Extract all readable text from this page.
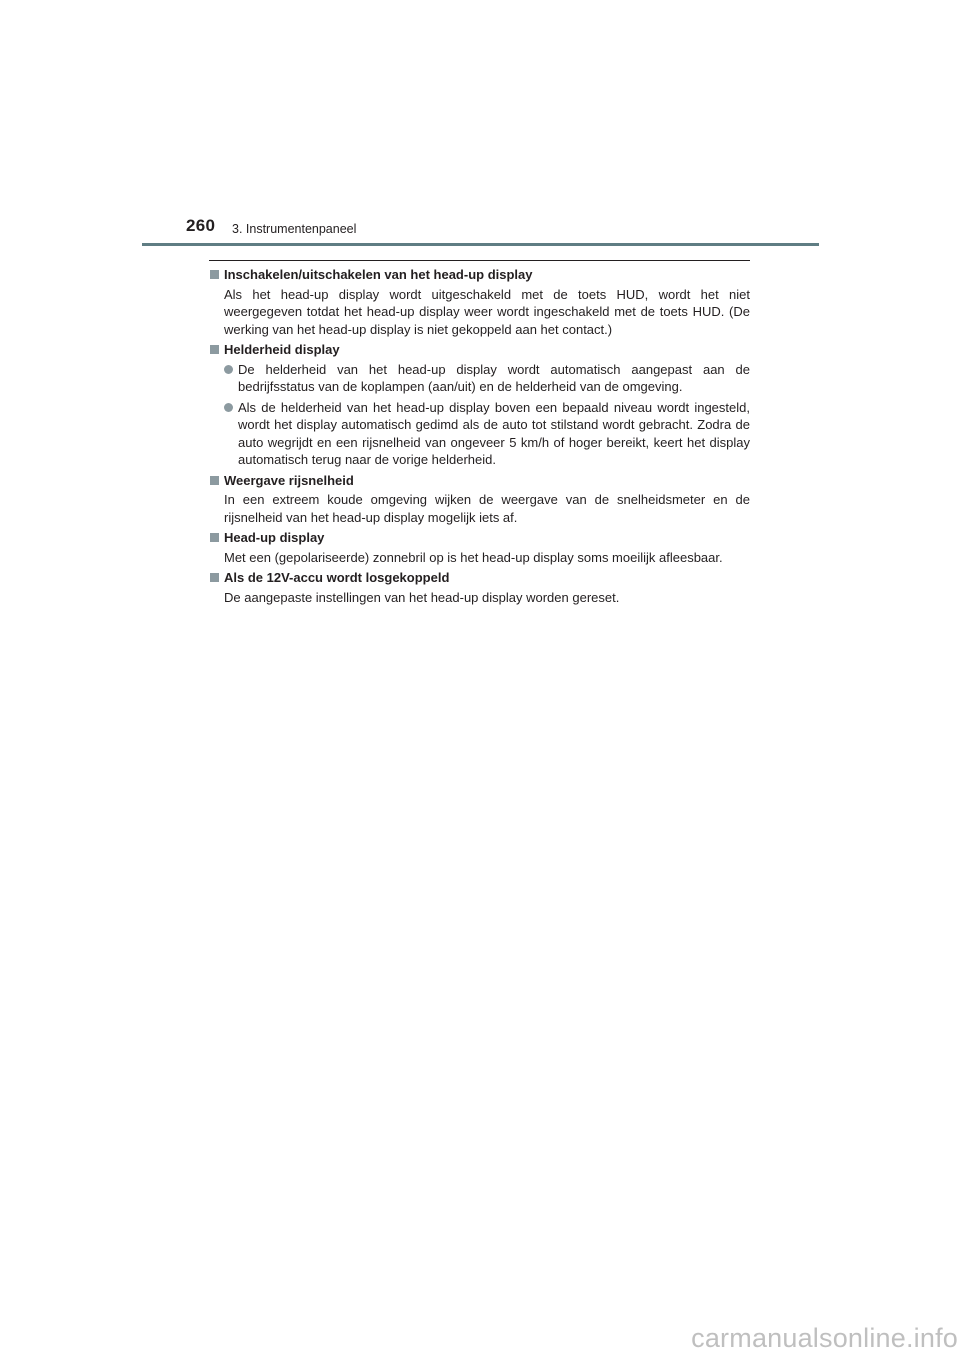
260 3. Instrumentenpaneel
Inschakelen/uitschakelen van het head-up display
Als het head-up display wordt uitgeschakeld met de toets HUD, wordt het niet weergegeven totdat het head-up display weer wordt ingeschakeld met de toets HUD. (De werking van het head-up display is niet gekoppeld aan het contact.)
Helderheid display
De helderheid van het head-up display wordt automatisch aangepast aan de bedrijfsstatus van de koplampen (aan/uit) en de helderheid van de omgeving.
Als de helderheid van het head-up display boven een bepaald niveau wordt ingesteld, wordt het display automatisch gedimd als de auto tot stilstand wordt gebracht. Zodra de auto wegrijdt en een rijsnelheid van ongeveer 5 km/h of hoger bereikt, keert het display automatisch terug naar de vorige helderheid.
Weergave rijsnelheid
In een extreem koude omgeving wijken de weergave van de snelheidsmeter en de rijsnelheid van het head-up display mogelijk iets af.
Head-up display
Met een (gepolariseerde) zonnebril op is het head-up display soms moeilijk afleesbaar.
Als de 12V-accu wordt losgekoppeld
De aangepaste instellingen van het head-up display worden gereset.
carmanualsonline.info
